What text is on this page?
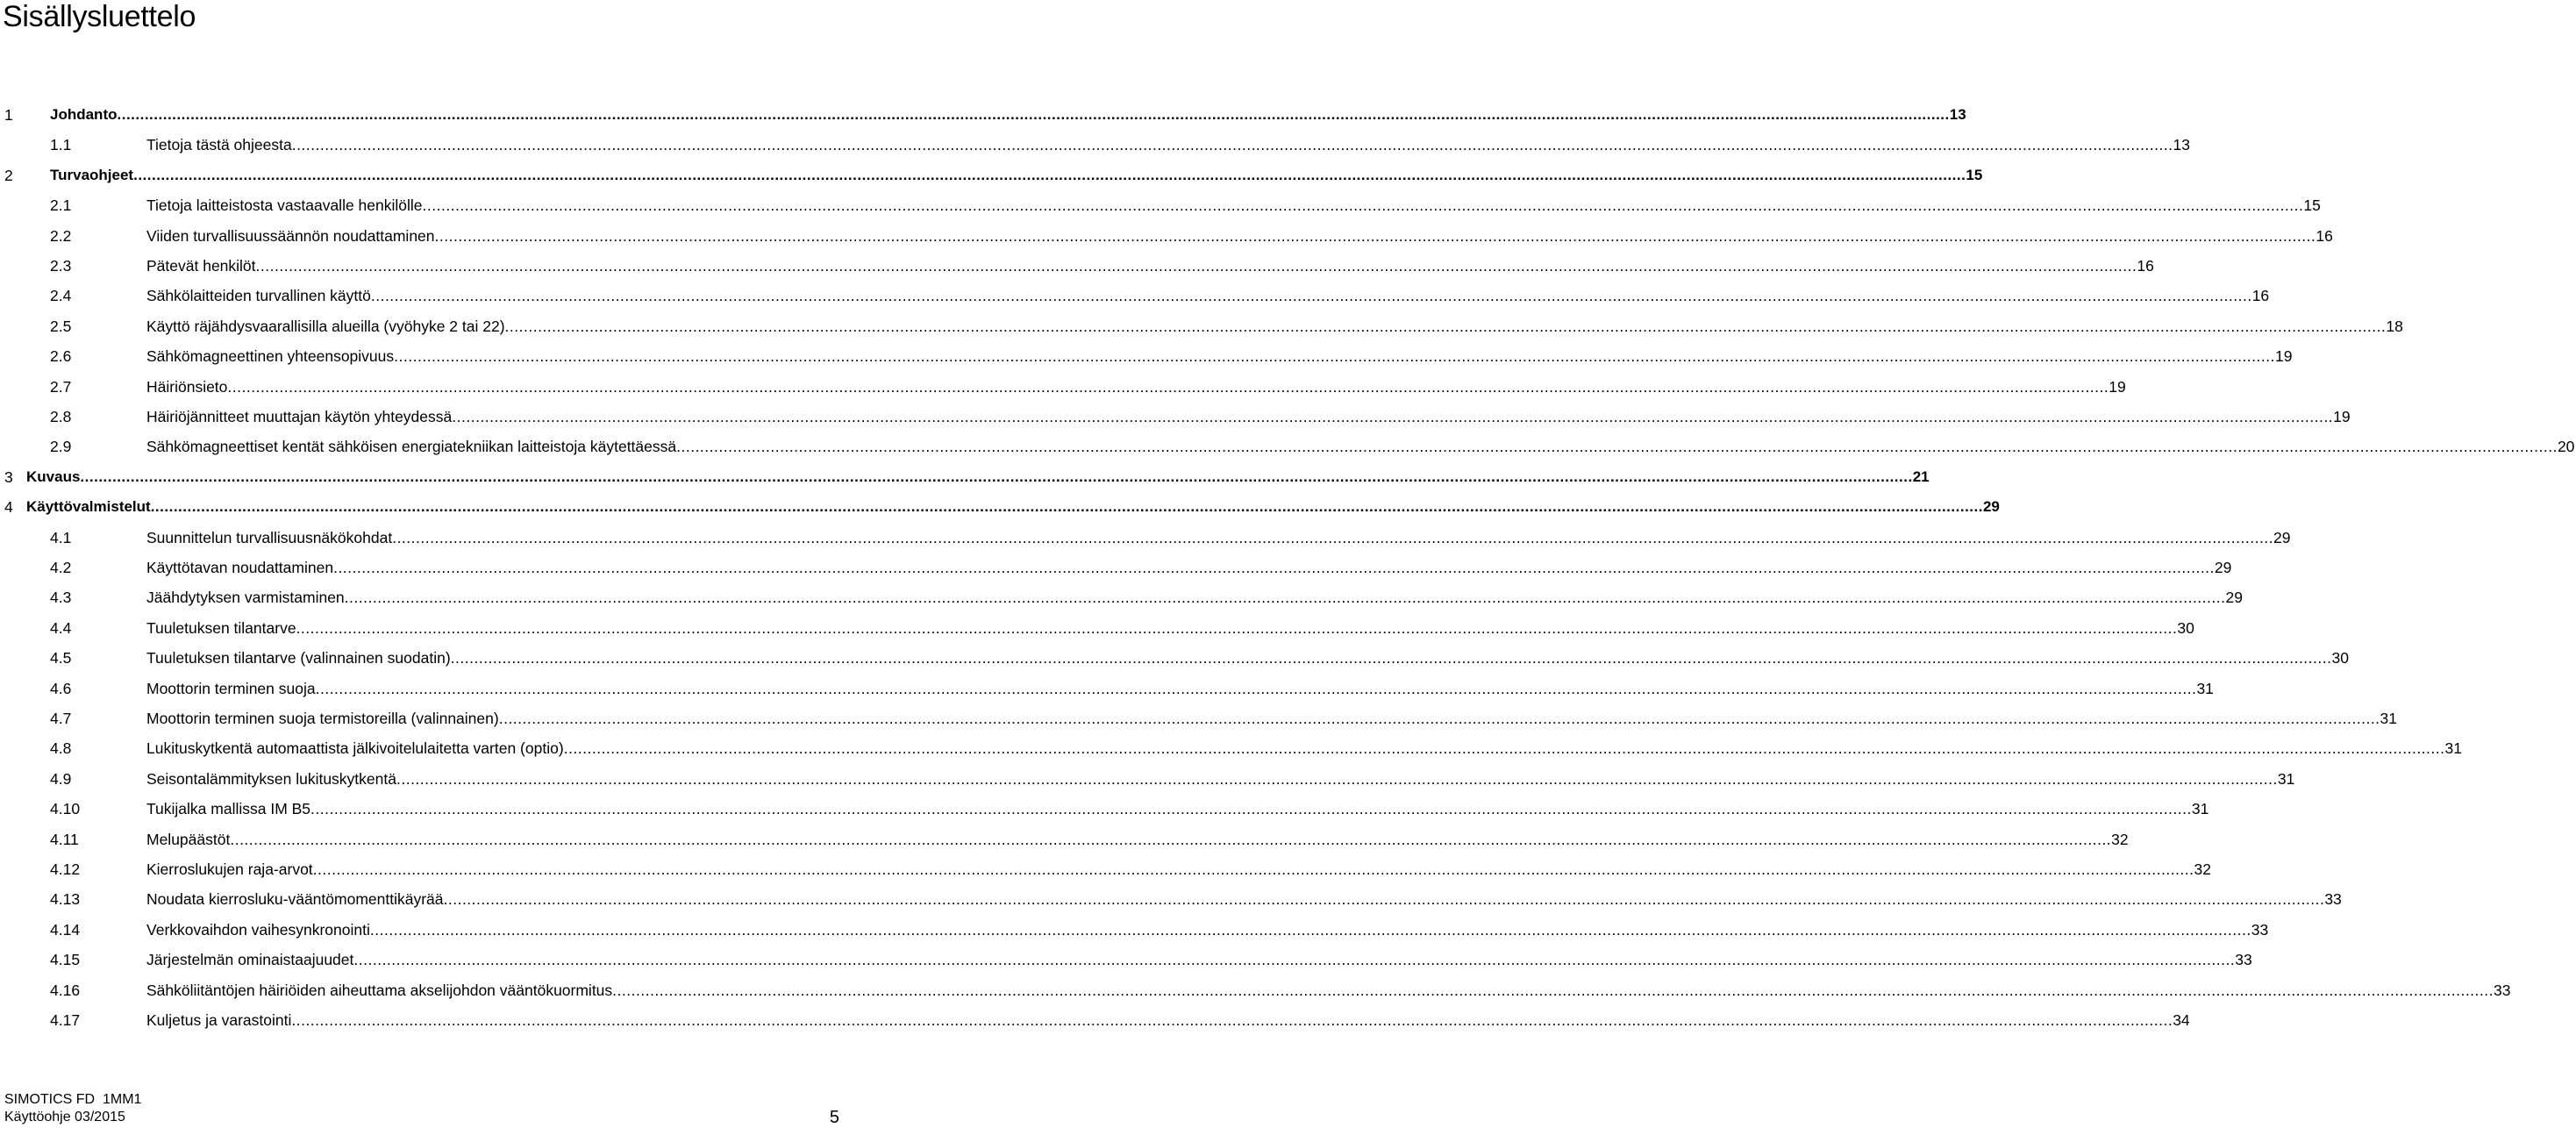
Sisällysluettelo
1	Johdanto ................................................................................................................................................................................................................................................................................................................................................................................................................ 13
1.1	Tietoja tästä ohjeesta ................................................................................................................................................................................................................................................................................................................................................................................................................ 13
2	Turvaohjeet ................................................................................................................................................................................................................................................................................................................................................................................................................ 15
2.1	Tietoja laitteistosta vastaavalle henkilölle ................................................................................................................................................................................................................................................................................................................................................................................................................ 15
2.2	Viiden turvallisuussäännön noudattaminen ................................................................................................................................................................................................................................................................................................................................................................................................................ 16
2.3	Pätevät henkilöt ................................................................................................................................................................................................................................................................................................................................................................................................................ 16
2.4	Sähkölaitteiden turvallinen käyttö ................................................................................................................................................................................................................................................................................................................................................................................................................ 16
2.5	Käyttö räjähdysvaarallisilla alueilla (vyöhyke 2 tai 22) ................................................................................................................................................................................................................................................................................................................................................................................................................ 18
2.6	Sähkömagneettinen yhteensopivuus ................................................................................................................................................................................................................................................................................................................................................................................................................ 19
2.7	Häiriönsieto ................................................................................................................................................................................................................................................................................................................................................................................................................ 19
2.8	Häiriöjännitteet muuttajan käytön yhteydessä ................................................................................................................................................................................................................................................................................................................................................................................................................ 19
2.9	Sähkömagneettiset kentät sähköisen energiatekniikan laitteistoja käytettäessä ................................................................................................................................................................................................................................................................................................................................................................................................................ 20
3 Kuvaus ................................................................................................................................................................................................................................................................................................................................................................................................................ 21
4 Käyttövalmistelut ................................................................................................................................................................................................................................................................................................................................................................................................................ 29
4.1	Suunnittelun turvallisuusnäkökohdat ................................................................................................................................................................................................................................................................................................................................................................................................................ 29
4.2	Käyttötavan noudattaminen ................................................................................................................................................................................................................................................................................................................................................................................................................ 29
4.3	Jäähdytyksen varmistaminen ................................................................................................................................................................................................................................................................................................................................................................................................................ 29
4.4	Tuuletuksen tilantarve ................................................................................................................................................................................................................................................................................................................................................................................................................ 30
4.5	Tuuletuksen tilantarve (valinnainen suodatin) ................................................................................................................................................................................................................................................................................................................................................................................................................ 30
4.6	Moottorin terminen suoja ................................................................................................................................................................................................................................................................................................................................................................................................................ 31
4.7	Moottorin terminen suoja termistoreilla (valinnainen) ................................................................................................................................................................................................................................................................................................................................................................................................................ 31
4.8	Lukituskytkentä automaattista jälkivoitelulaitetta varten (optio) ................................................................................................................................................................................................................................................................................................................................................................................................................ 31
4.9	Seisontalämmityksen lukituskytkentä ................................................................................................................................................................................................................................................................................................................................................................................................................ 31
4.10	Tukijalka mallissa IM B5 ................................................................................................................................................................................................................................................................................................................................................................................................................ 31
4.11	Melupäästöt ................................................................................................................................................................................................................................................................................................................................................................................................................ 32
4.12	Kierroslukujen raja-arvot ................................................................................................................................................................................................................................................................................................................................................................................................................ 32
4.13	Noudata kierrosluku-vääntömomenttikäyrää ................................................................................................................................................................................................................................................................................................................................................................................................................ 33
4.14	Verkkovaihdon vaihesynkronointi ................................................................................................................................................................................................................................................................................................................................................................................................................ 33
4.15	Järjestelmän ominaistaajuudet ................................................................................................................................................................................................................................................................................................................................................................................................................ 33
4.16	Sähköliitäntöjen häiriöiden aiheuttama akselijohdon vääntökuormitus ................................................................................................................................................................................................................................................................................................................................................................................................................ 33
4.17	Kuljetus ja varastointi ................................................................................................................................................................................................................................................................................................................................................................................................................ 34
SIMOTICS FD  1MM1
Käyttöohje 03/2015	5
